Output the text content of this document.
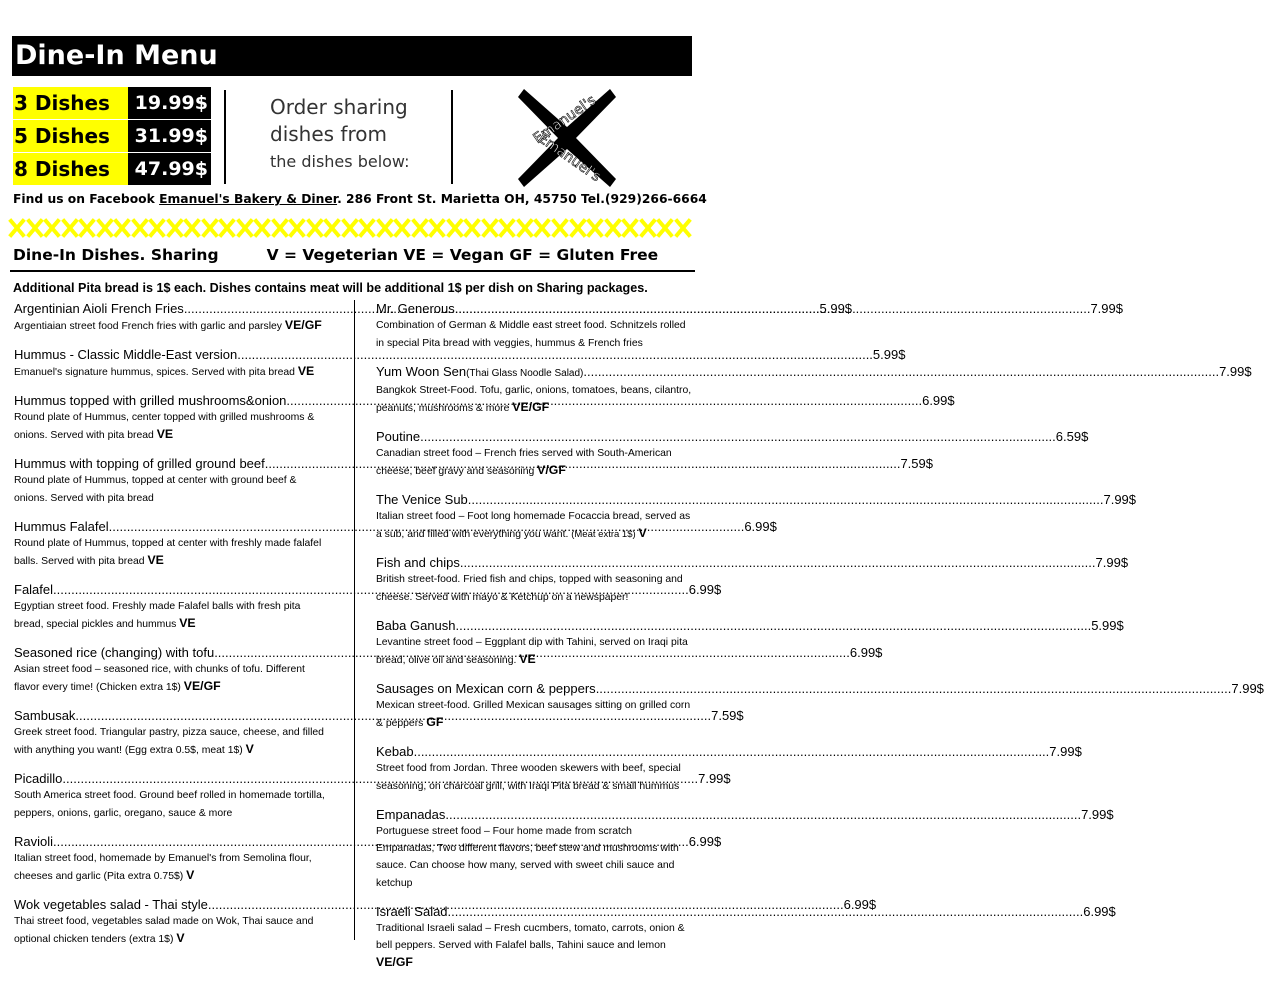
Dine-In Menu
3 Dishes	19.99$
5 Dishes	31.99$
8 Dishes	47.99$
Order sharing
dishes from
the dishes below:
Emanuel's
Emanuel's
Find us on Facebook Emanuel's Bakery & Diner. 286 Front St. Marietta OH, 45750 Tel.(929)266-6664
Dine-In Dishes. Sharing	V = Vegeterian VE = Vegan GF = Gluten Free
Additional Pita bread is 1$ each. Dishes contains meat will be additional 1$ per dish on Sharing packages.
Argentinian Aioli French Fries .....	5.99$
Argentiaian street food French fries with garlic and parsley VE/GF
Hummus - Classic Middle-East version .....	5.99$
Emanuel's signature hummus, spices. Served with pita bread VE
Hummus topped with grilled mushrooms&onion .....	6.99$
Round plate of Hummus, center topped with grilled mushrooms & onions. Served with pita bread VE
Hummus with topping of grilled ground beef .....	7.59$
Round plate of Hummus, topped at center with ground beef & onions. Served with pita bread
Hummus Falafel .....	6.99$
Round plate of Hummus, topped at center with freshly made falafel balls. Served with pita bread VE
Falafel .....	6.99$
Egyptian street food. Freshly made Falafel balls with fresh pita bread, special pickles and hummus VE
Seasoned rice (changing) with tofu .....	6.99$
Asian street food – seasoned rice, with chunks of tofu. Different flavor every time! (Chicken extra 1$) VE/GF
Sambusak .....	7.59$
Greek street food. Triangular pastry, pizza sauce, cheese, and filled with anything you want! (Egg extra 0.5$, meat 1$) V
Picadillo .....	7.99$
South America street food. Ground beef rolled in homemade tortilla, peppers, onions, garlic, oregano, sauce & more
Ravioli .....	6.99$
Italian street food, homemade by Emanuel's from Semolina flour, cheeses and garlic (Pita extra 0.75$) V
Wok vegetables salad - Thai style .....	6.99$
Thai street food, vegetables salad made on Wok, Thai sauce and optional chicken tenders (extra 1$) V
Mr. Generous .....	7.99$
Combination of German & Middle east street food. Schnitzels rolled in special Pita bread with veggies, hummus & French fries
Yum Woon Sen (Thai Glass Noodle Salad) .....	7.99$
Bangkok Street-Food. Tofu, garlic, onions, tomatoes, beans, cilantro, peanuts, mushrooms & more VE/GF
Poutine .....	6.59$
Canadian street food – French fries served with South-American cheese, beef gravy and seasoning V/GF
The Venice Sub .....	7.99$
Italian street food – Foot long homemade Focaccia bread, served as a sub, and filled with everything you want. (Meat extra 1$) V
Fish and chips .....	7.99$
British street-food. Fried fish and chips, topped with seasoning and cheese. Served with mayo & Ketchup on a newspaper!
Baba Ganush .....	5.99$
Levantine street food – Eggplant dip with Tahini, served on Iraqi pita bread, olive oil and seasoning. VE
Sausages on Mexican corn & peppers .....	7.99$
Mexican street-food. Grilled Mexican sausages sitting on grilled corn & peppers GF
Kebab .....	7.99$
Street food from Jordan. Three wooden skewers with beef, special seasoning, on charcoal grill, with Iraqi Pita bread & small hummus
Empanadas .....	7.99$
Portuguese street food – Four home made from scratch Empanadas, Two different flavors, beef stew and mushrooms with sauce. Can choose how many, served with sweet chili sauce and ketchup
Israeli Salad .....	6.99$
Traditional Israeli salad – Fresh cucmbers, tomato, carrots, onion & bell peppers. Served with Falafel balls, Tahini sauce and lemon VE/GF
